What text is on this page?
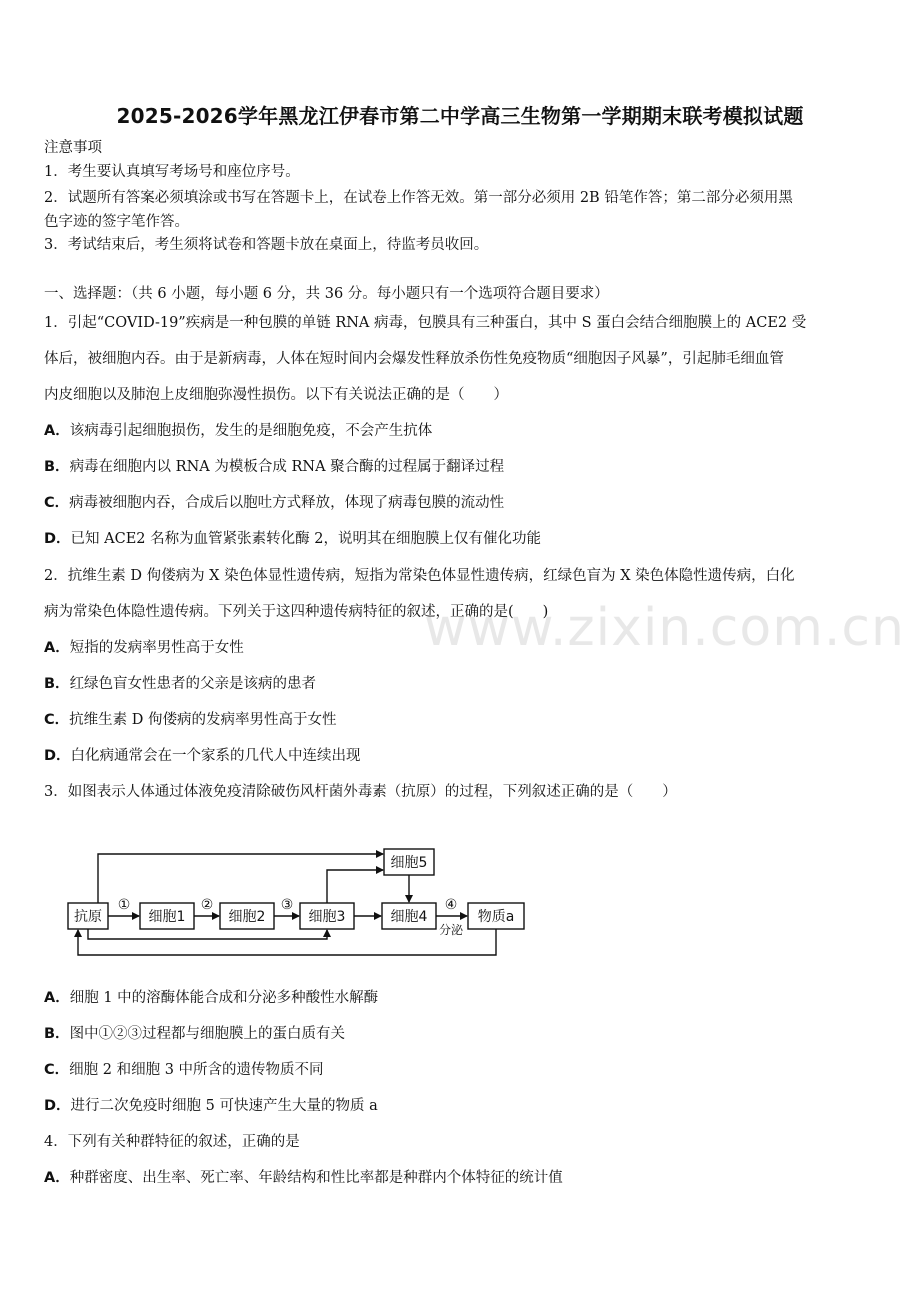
2025-2026学年黑龙江伊春市第二中学高三生物第一学期期末联考模拟试题
注意事项
1．考生要认真填写考场号和座位序号。
2．试题所有答案必须填涂或书写在答题卡上，在试卷上作答无效。第一部分必须用 2B 铅笔作答；第二部分必须用黑
色字迹的签字笔作答。
3．考试结束后，考生须将试卷和答题卡放在桌面上，待监考员收回。
一、选择题：（共 6 小题，每小题 6 分，共 36 分。每小题只有一个选项符合题目要求）
1．引起“COVID-19”疾病是一种包膜的单链 RNA 病毒，包膜具有三种蛋白，其中 S 蛋白会结合细胞膜上的 ACE2 受
体后，被细胞内吞。由于是新病毒，人体在短时间内会爆发性释放杀伤性免疫物质“细胞因子风暴”，引起肺毛细血管
内皮细胞以及肺泡上皮细胞弥漫性损伤。以下有关说法正确的是（　　）
A．该病毒引起细胞损伤，发生的是细胞免疫，不会产生抗体
B．病毒在细胞内以 RNA 为模板合成 RNA 聚合酶的过程属于翻译过程
C．病毒被细胞内吞，合成后以胞吐方式释放，体现了病毒包膜的流动性
D．已知 ACE2 名称为血管紧张素转化酶 2，说明其在细胞膜上仅有催化功能
2．抗维生素 D 佝偻病为 X 染色体显性遗传病，短指为常染色体显性遗传病，红绿色盲为 X 染色体隐性遗传病，白化
病为常染色体隐性遗传病。下列关于这四种遗传病特征的叙述，正确的是(　　)
A．短指的发病率男性高于女性
B．红绿色盲女性患者的父亲是该病的患者
C．抗维生素 D 佝偻病的发病率男性高于女性
D．白化病通常会在一个家系的几代人中连续出现
3．如图表示人体通过体液免疫清除破伤风杆菌外毒素（抗原）的过程，下列叙述正确的是（　　）
抗原	细胞1	细胞2	细胞3	细胞4	物质a
细胞5
①	②	③	④
分泌
A．细胞 1 中的溶酶体能合成和分泌多种酸性水解酶
B．图中①②③过程都与细胞膜上的蛋白质有关
C．细胞 2 和细胞 3 中所含的遗传物质不同
D．进行二次免疫时细胞 5 可快速产生大量的物质 a
4．下列有关种群特征的叙述，正确的是
A．种群密度、出生率、死亡率、年龄结构和性比率都是种群内个体特征的统计值
www.zixin.com.cn
